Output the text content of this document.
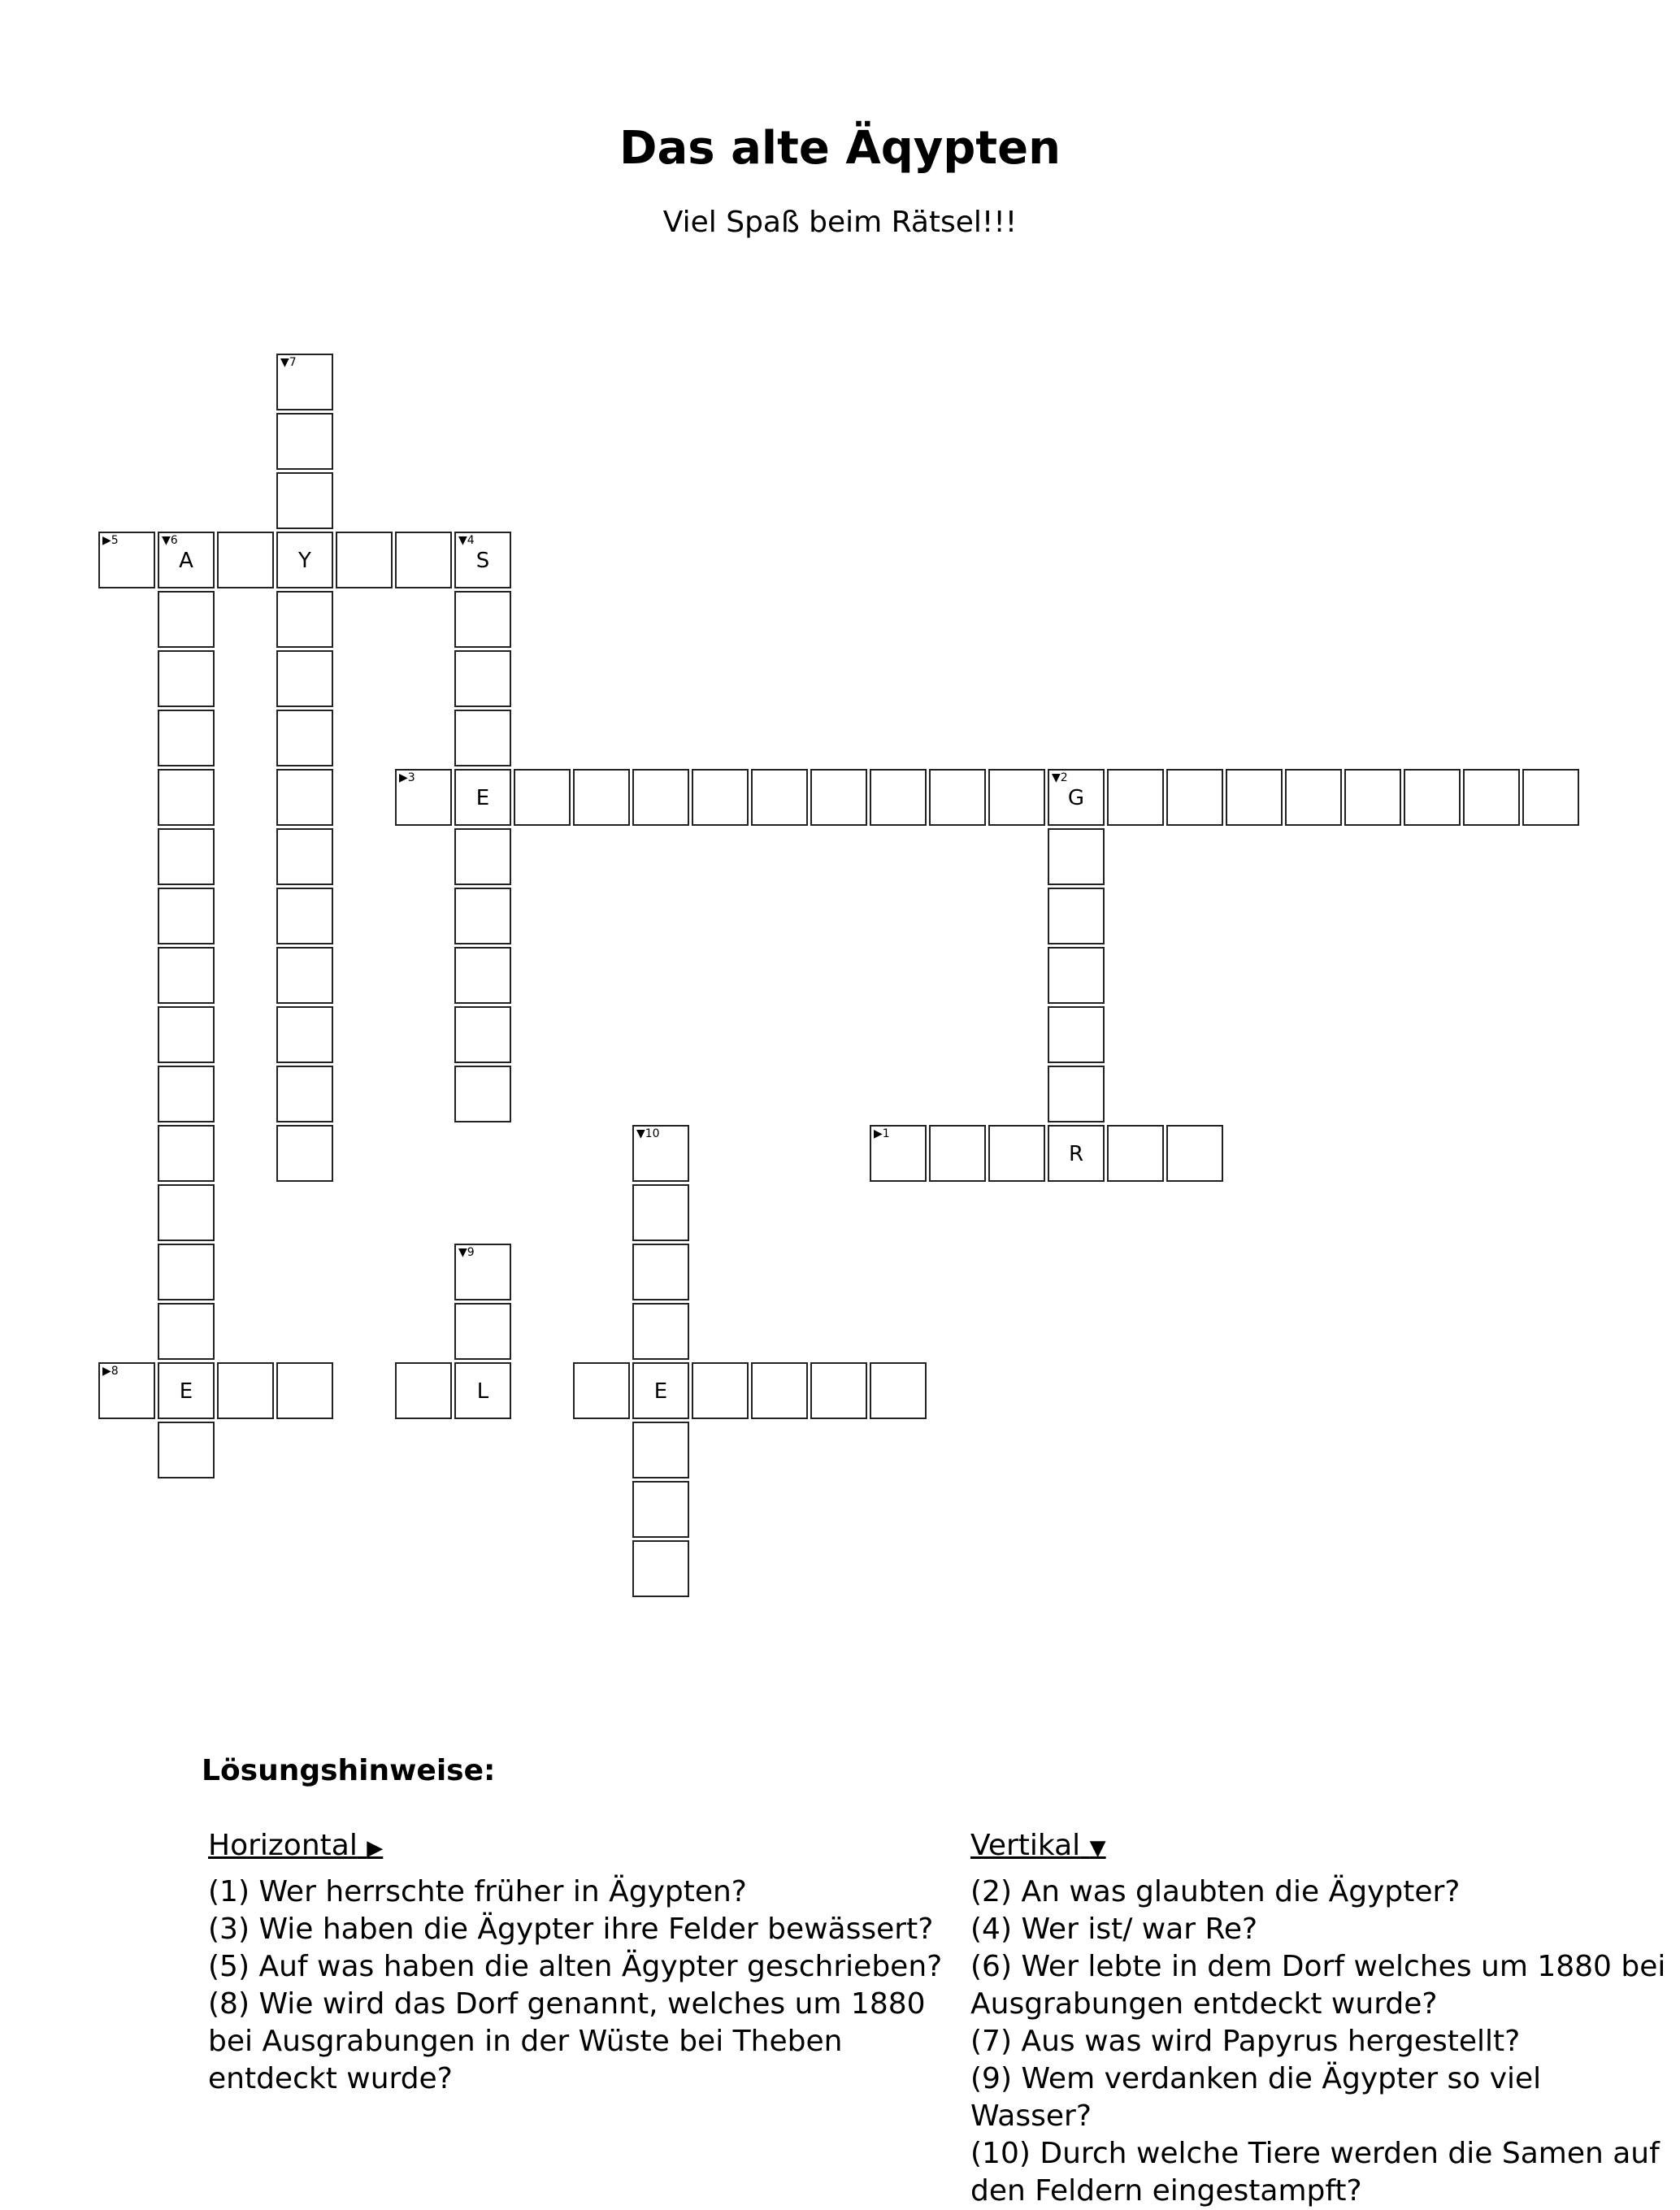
Das alte Äqypten
Viel Spaß beim Rätsel!!!
▼7
▶5	▼6
A	Y
▼4
S
▶3
E
▼2
G
▼10	▶1
R
▼9
▶8
E	L	E
Lösungshinweise:
Horizontal ▶

(1) Wer herrschte früher in Ägypten?

(3) Wie haben die Ägypter ihre Felder bewässert?

(5) Auf was haben die alten Ägypter geschrieben?

(8) Wie wird das Dorf genannt, welches um 1880 bei Ausgrabungen in der Wüste bei Theben entdeckt wurde?

Vertikal ▼

(2) An was glaubten die Ägypter?

(4) Wer ist/ war Re?

(6) Wer lebte in dem Dorf welches um 1880 bei Ausgrabungen entdeckt wurde?

(7) Aus was wird Papyrus hergestellt?

(9) Wem verdanken die Ägypter so viel Wasser?

(10) Durch welche Tiere werden die Samen auf den Feldern eingestampft?
